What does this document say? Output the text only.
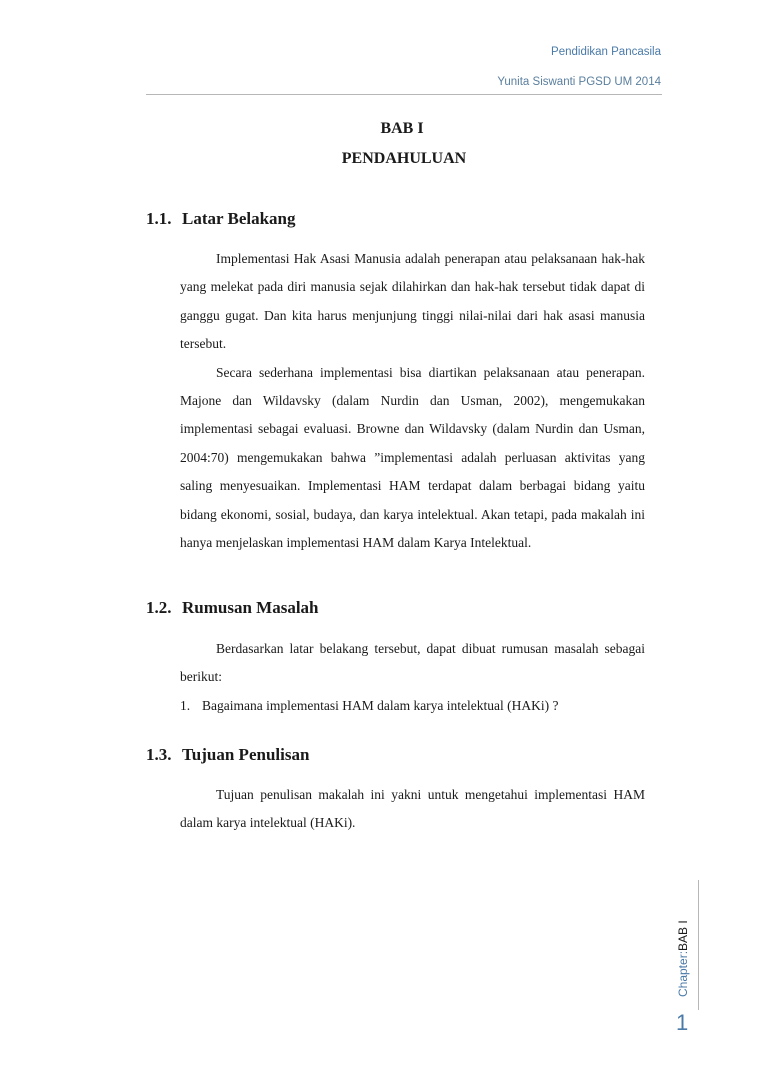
Pendidikan Pancasila
Yunita Siswanti PGSD UM 2014
BAB I
PENDAHULUAN
1.1. Latar Belakang

Implementasi Hak Asasi Manusia adalah penerapan atau pelaksanaan hak-hak yang melekat pada diri manusia sejak dilahirkan dan hak-hak tersebut tidak dapat di ganggu gugat. Dan kita harus menjunjung tinggi nilai-nilai dari hak asasi manusia tersebut.

Secara sederhana implementasi bisa diartikan pelaksanaan atau penerapan. Majone dan Wildavsky (dalam Nurdin dan Usman, 2002), mengemukakan implementasi sebagai evaluasi. Browne dan Wildavsky (dalam Nurdin dan Usman, 2004:70) mengemukakan bahwa ”implementasi adalah perluasan aktivitas yang saling menyesuaikan. Implementasi HAM terdapat dalam berbagai bidang yaitu bidang ekonomi, sosial, budaya, dan karya intelektual. Akan tetapi, pada makalah ini hanya menjelaskan implementasi HAM dalam Karya Intelektual.

1.2. Rumusan Masalah

Berdasarkan latar belakang tersebut, dapat dibuat rumusan masalah sebagai berikut:

1. Bagaimana implementasi HAM dalam karya intelektual (HAKi) ?
1.3. Tujuan Penulisan

Tujuan penulisan makalah ini yakni untuk mengetahui implementasi HAM dalam karya intelektual (HAKi).

Chapter:BAB I
1
